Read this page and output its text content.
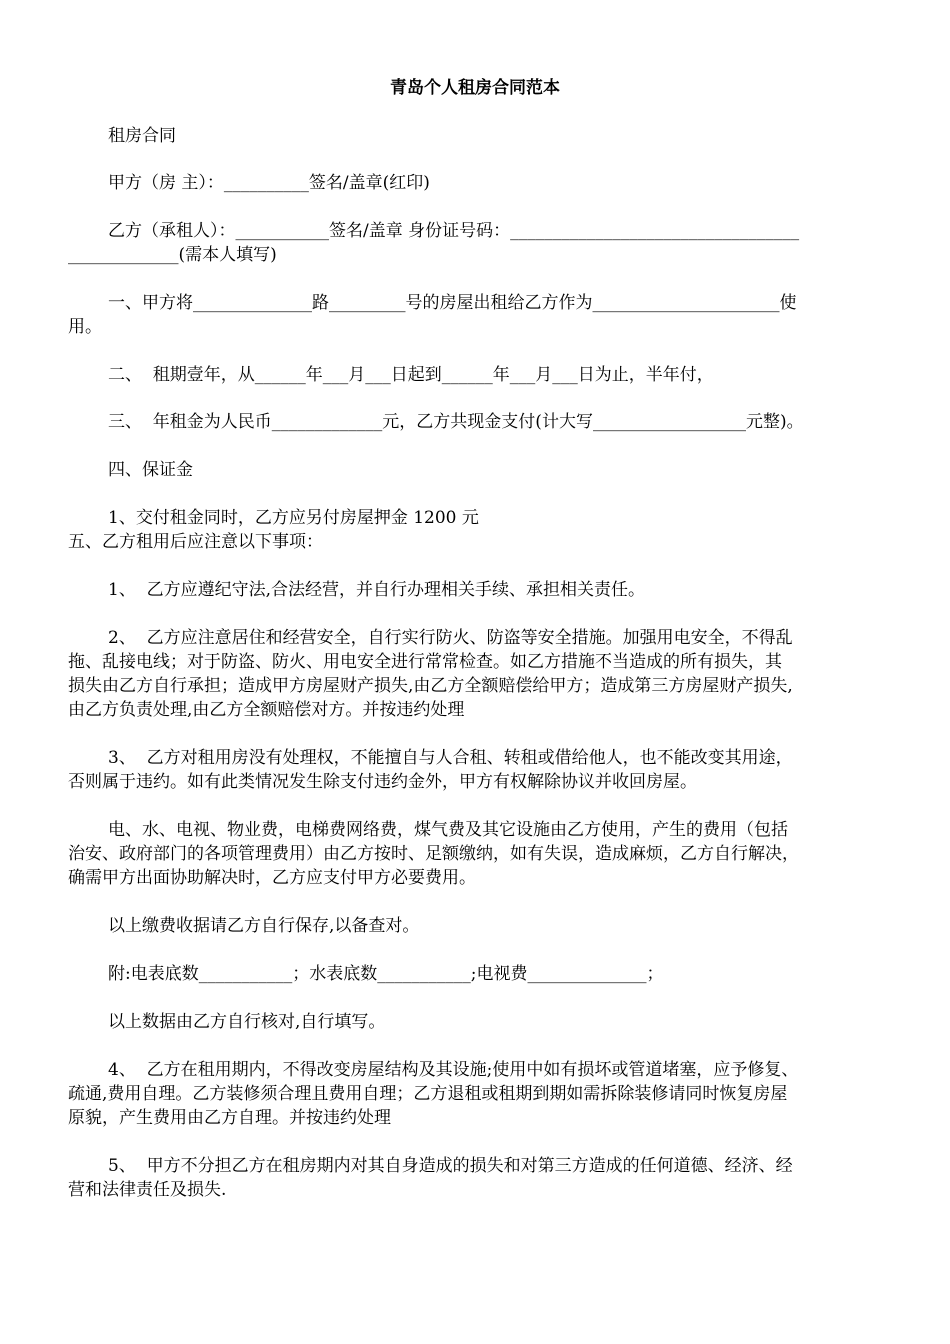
青岛个人租房合同范本
租房合同
甲方（房 主）：__________签名/盖章(红印)
乙方（承租人）：___________签名/盖章 身份证号码：__________________________________
_____________(需本人填写)
一、甲方将______________路_________号的房屋出租给乙方作为______________________使
用。
二、  租期壹年，从______年___月___日起到______年___月___日为止，半年付，
三、  年租金为人民币_____________元，乙方共现金支付(计大写__________________元整)。
四、保证金
1、交付租金同时，乙方应另付房屋押金 1200 元
五、乙方租用后应注意以下事项：
1、  乙方应遵纪守法,合法经营，并自行办理相关手续、承担相关责任。
2、  乙方应注意居住和经营安全，自行实行防火、防盗等安全措施。加强用电安全，不得乱
拖、乱接电线；对于防盗、防火、用电安全进行常常检查。如乙方措施不当造成的所有损失，其
损失由乙方自行承担；造成甲方房屋财产损失,由乙方全额赔偿给甲方；造成第三方房屋财产损失,
由乙方负责处理,由乙方全额赔偿对方。并按违约处理
3、  乙方对租用房没有处理权，不能擅自与人合租、转租或借给他人，也不能改变其用途，
否则属于违约。如有此类情况发生除支付违约金外，甲方有权解除协议并收回房屋。
电、水、电视、物业费，电梯费网络费，煤气费及其它设施由乙方使用，产生的费用（包括
治安、政府部门的各项管理费用）由乙方按时、足额缴纳，如有失误，造成麻烦，乙方自行解决，
确需甲方出面协助解决时，乙方应支付甲方必要费用。
以上缴费收据请乙方自行保存,以备查对。
附:电表底数___________；水表底数___________;电视费______________；
以上数据由乙方自行核对,自行填写。
4、  乙方在租用期内，不得改变房屋结构及其设施;使用中如有损坏或管道堵塞，应予修复、
疏通,费用自理。乙方装修须合理且费用自理；乙方退租或租期到期如需拆除装修请同时恢复房屋
原貌，产生费用由乙方自理。并按违约处理
5、  甲方不分担乙方在租房期内对其自身造成的损失和对第三方造成的任何道德、经济、经
营和法律责任及损失.
